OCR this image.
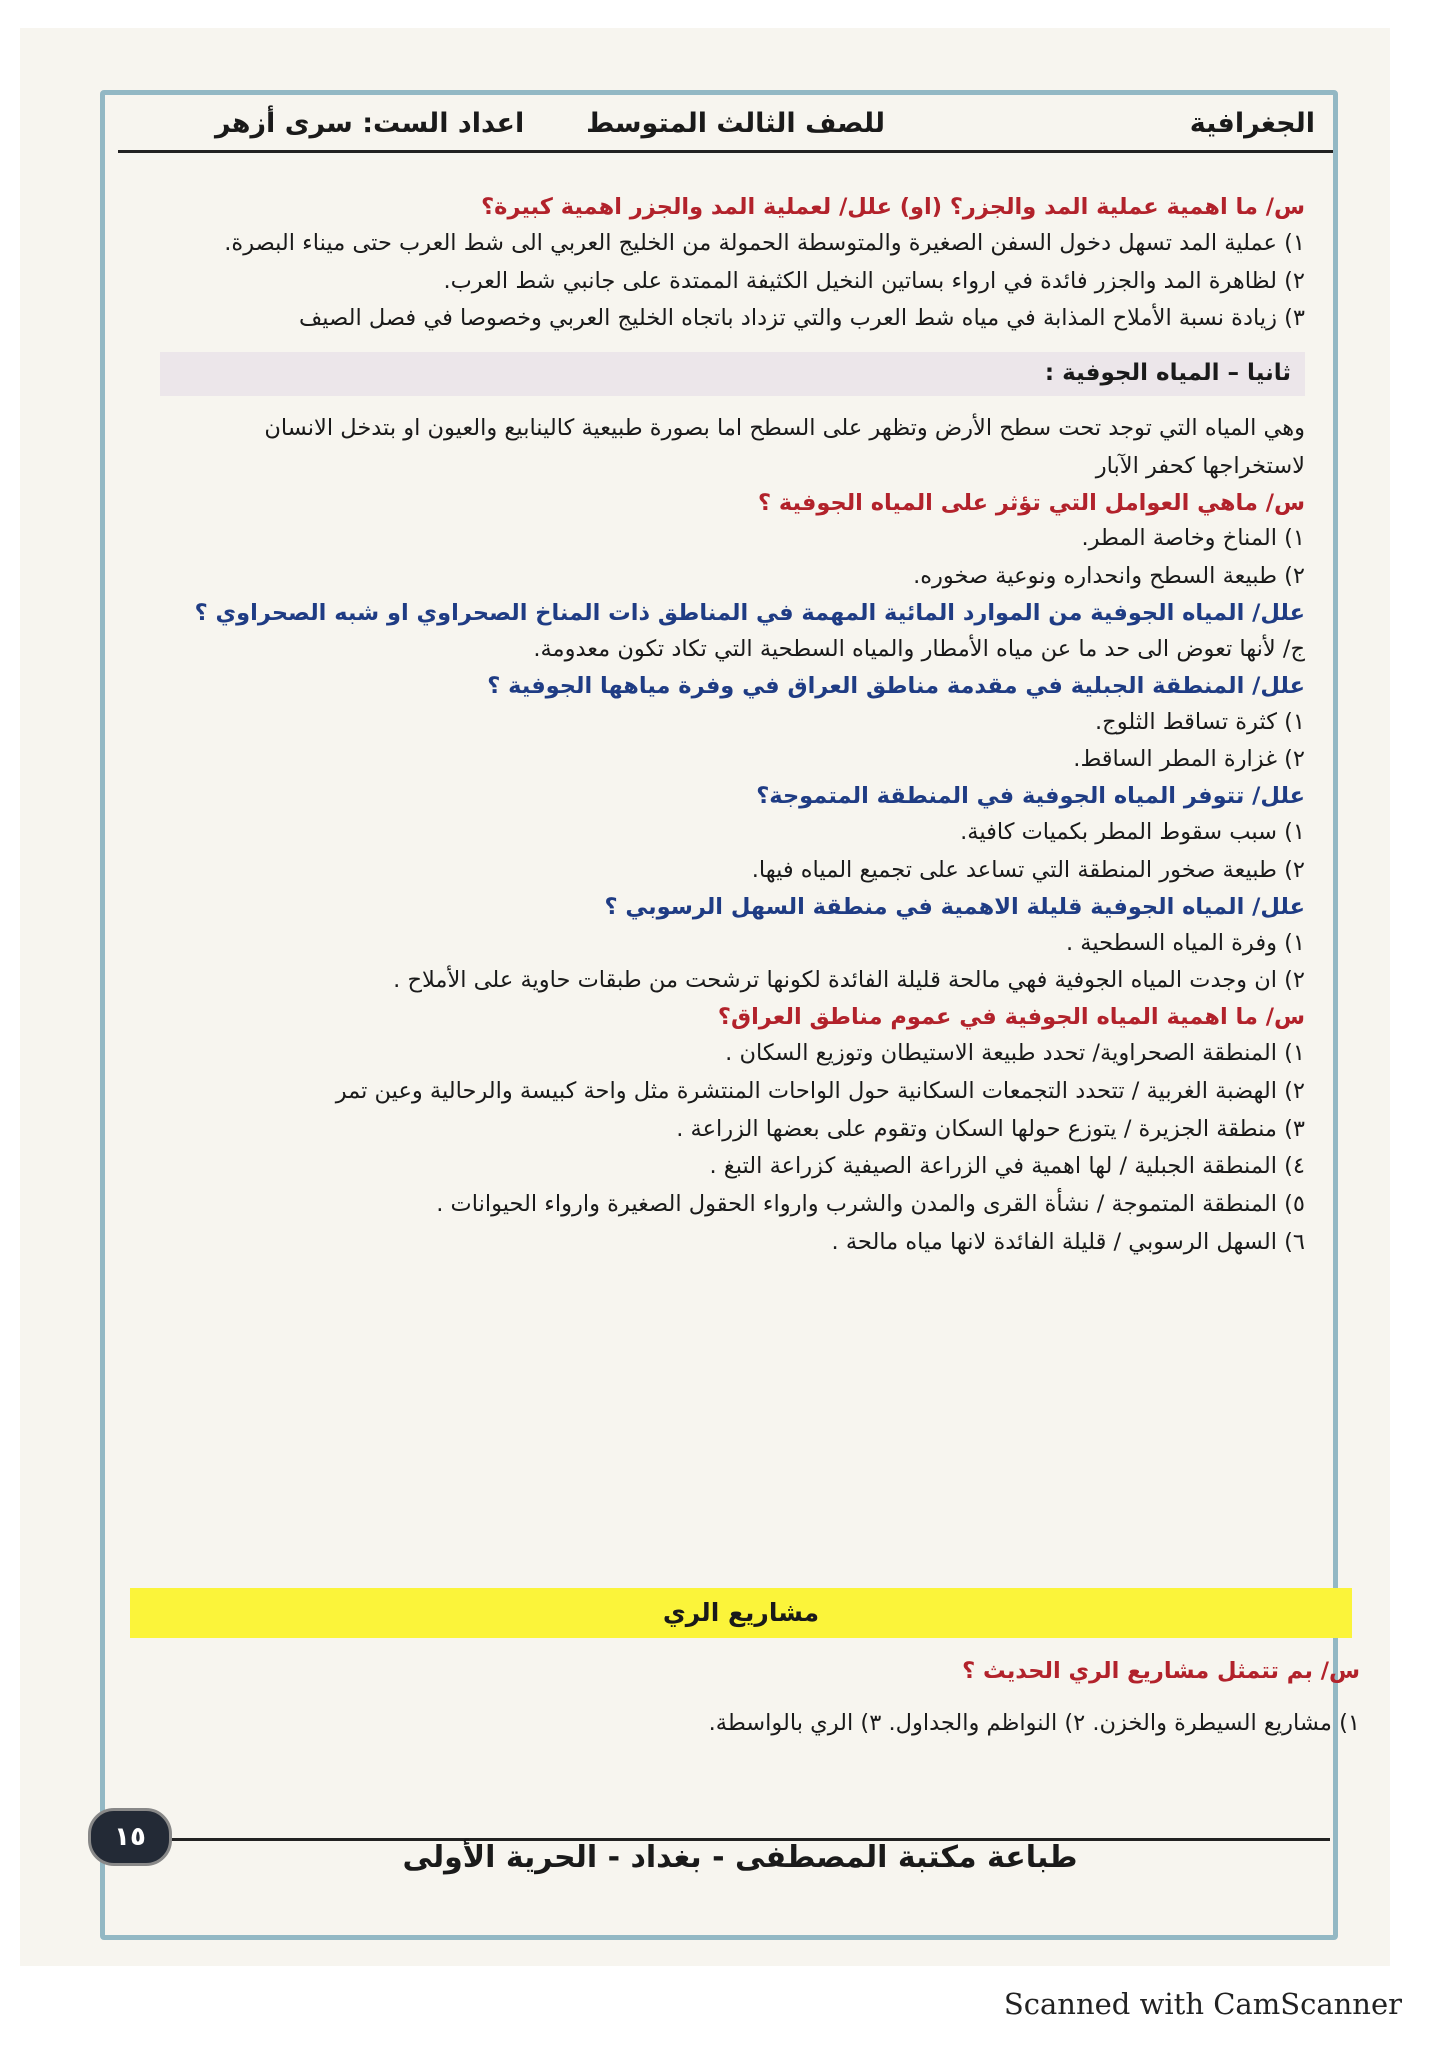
الجغرافية
للصف الثالث المتوسط
اعداد الست: سرى أزهر

س/ ما اهمية عملية المد والجزر؟ (او) علل/ لعملية المد والجزر اهمية كبيرة؟

١) عملية المد تسهل دخول السفن الصغيرة والمتوسطة الحمولة من الخليج العربي الى شط العرب حتى ميناء البصرة.

٢) لظاهرة المد والجزر فائدة في ارواء بساتين النخيل الكثيفة الممتدة على جانبي شط العرب.

٣) زيادة نسبة الأملاح المذابة في مياه شط العرب والتي تزداد باتجاه الخليج العربي وخصوصا في فصل الصيف

ثانيا – المياه الجوفية :

وهي المياه التي توجد تحت سطح الأرض وتظهر على السطح اما بصورة طبيعية كالينابيع والعيون او بتدخل الانسان لاستخراجها كحفر الآبار

س/ ماهي العوامل التي تؤثر على المياه الجوفية ؟

١) المناخ وخاصة المطر.

٢) طبيعة السطح وانحداره ونوعية صخوره.

علل/ المياه الجوفية من الموارد المائية المهمة في المناطق ذات المناخ الصحراوي او شبه الصحراوي ؟

ج/ لأنها تعوض الى حد ما عن مياه الأمطار والمياه السطحية التي تكاد تكون معدومة.

علل/ المنطقة الجبلية في مقدمة مناطق العراق في وفرة مياهها الجوفية ؟

١) كثرة تساقط الثلوج.

٢) غزارة المطر الساقط.

علل/ تتوفر المياه الجوفية في المنطقة المتموجة؟

١) سبب سقوط المطر بكميات كافية.

٢) طبيعة صخور المنطقة التي تساعد على تجميع المياه فيها.

علل/ المياه الجوفية قليلة الاهمية في منطقة السهل الرسوبي ؟

١) وفرة المياه السطحية .

٢) ان وجدت المياه الجوفية فهي مالحة قليلة الفائدة لكونها ترشحت من طبقات حاوية على الأملاح .

س/ ما اهمية المياه الجوفية في عموم مناطق العراق؟

١) المنطقة الصحراوية/ تحدد طبيعة الاستيطان وتوزيع السكان .

٢) الهضبة الغربية / تتحدد التجمعات السكانية حول الواحات المنتشرة مثل واحة كبيسة والرحالية وعين تمر

٣) منطقة الجزيرة / يتوزع حولها السكان وتقوم على بعضها الزراعة .

٤) المنطقة الجبلية / لها اهمية في الزراعة الصيفية كزراعة التبغ .

٥) المنطقة المتموجة / نشأة القرى والمدن والشرب وارواء الحقول الصغيرة وارواء الحيوانات .

٦) السهل الرسوبي / قليلة الفائدة لانها مياه مالحة .

مشاريع الري

س/ بم تتمثل مشاريع الري الحديث ؟

١) مشاريع السيطرة والخزن. ٢) النواظم والجداول. ٣) الري بالواسطة.

١٥
طباعة مكتبة المصطفى - بغداد - الحرية الأولى
Scanned with CamScanner
